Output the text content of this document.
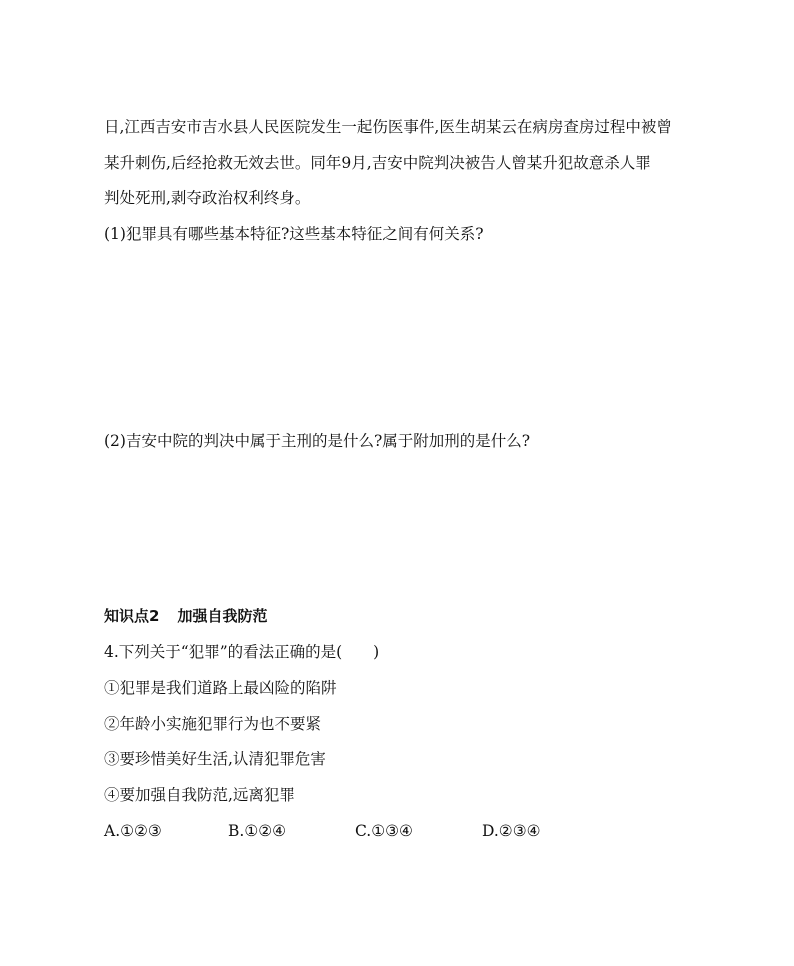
日,江西吉安市吉水县人民医院发生一起伤医事件,医生胡某云在病房查房过程中被曾
某升刺伤,后经抢救无效去世。同年9月,吉安中院判决被告人曾某升犯故意杀人罪
判处死刑,剥夺政治权利终身。
(1)犯罪具有哪些基本特征?这些基本特征之间有何关系?
(2)吉安中院的判决中属于主刑的是什么?属于附加刑的是什么?
知识点2 加强自我防范
4.下列关于“犯罪”的看法正确的是(　　)
①犯罪是我们道路上最凶险的陷阱
②年龄小实施犯罪行为也不要紧
③要珍惜美好生活,认清犯罪危害
④要加强自我防范,远离犯罪
A.①②③	B.①②④	C.①③④	D.②③④
